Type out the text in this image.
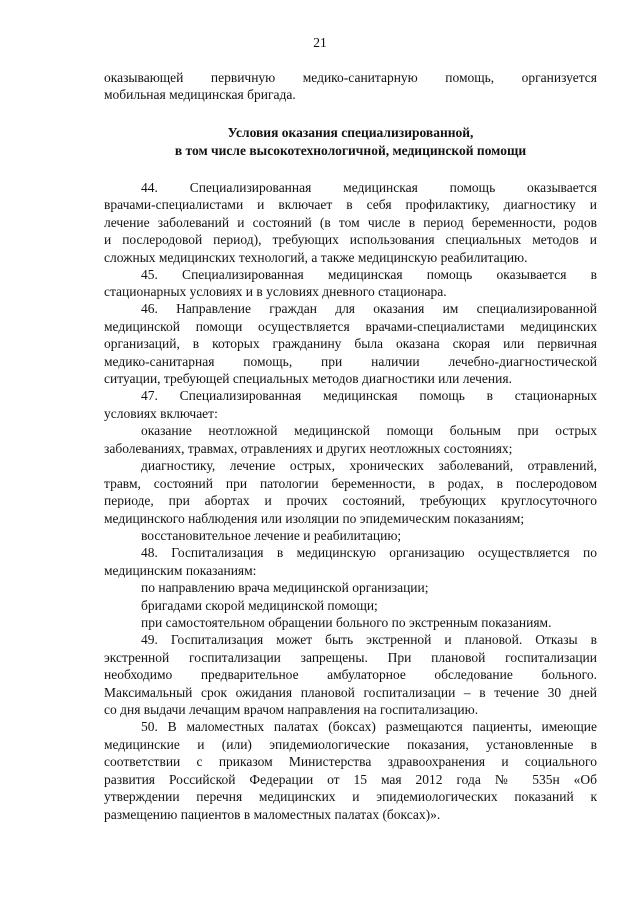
21
оказывающей первичную медико-санитарную помощь, организуется
мобильная медицинская бригада.
Условия оказания специализированной,
в том числе высокотехнологичной, медицинской помощи
44. Специализированная медицинская помощь оказывается
врачами-специалистами и включает в себя профилактику, диагностику и
лечение заболеваний и состояний (в том числе в период беременности, родов
и послеродовой период), требующих использования специальных методов и
сложных медицинских технологий, а также медицинскую реабилитацию.
45. Специализированная медицинская помощь оказывается в
стационарных условиях и в условиях дневного стационара.
46. Направление граждан для оказания им специализированной
медицинской помощи осуществляется врачами-специалистами медицинских
организаций, в которых гражданину была оказана скорая или первичная
медико-санитарная помощь, при наличии лечебно-диагностической
ситуации, требующей специальных методов диагностики или лечения.
47. Специализированная медицинская помощь в стационарных
условиях включает:
оказание неотложной медицинской помощи больным при острых
заболеваниях, травмах, отравлениях и других неотложных состояниях;
диагностику, лечение острых, хронических заболеваний, отравлений,
травм, состояний при патологии беременности, в родах, в послеродовом
периоде, при абортах и прочих состояний, требующих круглосуточного
медицинского наблюдения или изоляции по эпидемическим показаниям;
восстановительное лечение и реабилитацию;
48. Госпитализация в медицинскую организацию осуществляется по
медицинским показаниям:
по направлению врача медицинской организации;
бригадами скорой медицинской помощи;
при самостоятельном обращении больного по экстренным показаниям.
49. Госпитализация может быть экстренной и плановой. Отказы в
экстренной госпитализации запрещены. При плановой госпитализации
необходимо предварительное амбулаторное обследование больного.
Максимальный срок ожидания плановой госпитализации – в течение 30 дней
со дня выдачи лечащим врачом направления на госпитализацию.
50. В маломестных палатах (боксах) размещаются пациенты, имеющие
медицинские и (или) эпидемиологические показания, установленные в
соответствии с приказом Министерства здравоохранения и социального
развития Российской Федерации от 15 мая 2012 года № 535н «Об
утверждении перечня медицинских и эпидемиологических показаний к
размещению пациентов в маломестных палатах (боксах)».
